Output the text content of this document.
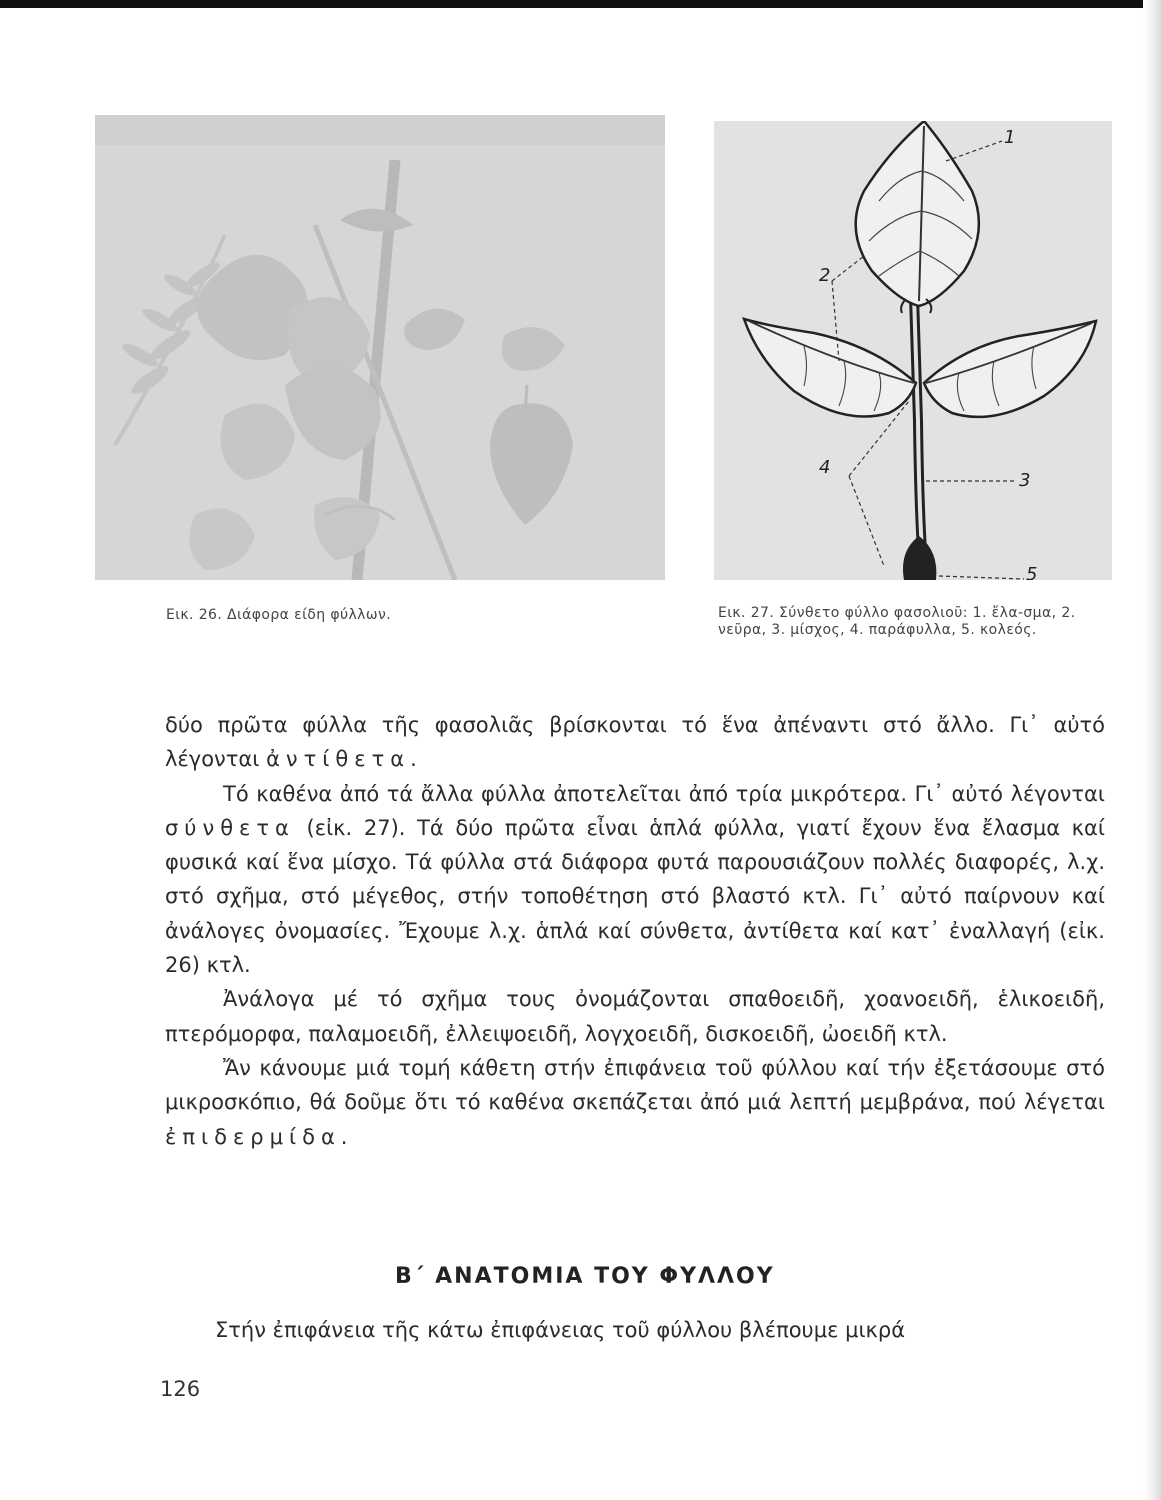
1
2
3
4
5
Εικ. 26. Διάφορα είδη φύλλων.	Εικ. 27. Σύνθετο φύλλο φασολιοῦ: 1. ἔλα-σμα, 2. νεῦρα, 3. μίσχος, 4. παράφυλλα, 5. κολεός.

δύο πρῶτα φύλλα τῆς φασολιᾶς βρίσκονται τό ἕνα ἀπέναντι στό ἄλλο. Γι᾿ αὐτό λέγονται ἀντίθετα.

Τό καθένα ἀπό τά ἄλλα φύλλα ἀποτελεῖται ἀπό τρία μικρότερα. Γι᾿ αὐτό λέγονται σύνθετα (εἰκ. 27). Τά δύο πρῶτα εἶναι ἁπλά φύλλα, γιατί ἔχουν ἕνα ἔλασμα καί φυσικά καί ἕνα μίσχο. Τά φύλλα στά διάφορα φυτά παρουσιάζουν πολλές διαφορές, λ.χ. στό σχῆμα, στό μέγεθος, στήν τοποθέτηση στό βλαστό κτλ. Γι᾿ αὐτό παίρνουν καί ἀνάλογες ὀνομασίες. Ἔχουμε λ.χ. ἁπλά καί σύνθετα, ἀντίθετα καί κατ᾿ ἐναλλαγή (εἰκ. 26) κτλ.

Ἀνάλογα μέ τό σχῆμα τους ὀνομάζονται σπαθοειδῆ, χοανοειδῆ, ἑλικοειδῆ, πτερόμορφα, παλαμοειδῆ, ἐλλειψοειδῆ, λογχοειδῆ, δισκοειδῆ, ὠοειδῆ κτλ.

Ἄν κάνουμε μιά τομή κάθετη στήν ἐπιφάνεια τοῦ φύλλου καί τήν ἐξετάσουμε στό μικροσκόπιο, θά δοῦμε ὅτι τό καθένα σκεπάζεται ἀπό μιά λεπτή μεμβράνα, πού λέγεται ἐπιδερμίδα.

Β΄ ΑΝΑΤΟΜΙΑ ΤΟΥ ΦΥΛΛΟΥ
Στήν ἐπιφάνεια τῆς κάτω ἐπιφάνειας τοῦ φύλλου βλέπουμε μικρά
126
